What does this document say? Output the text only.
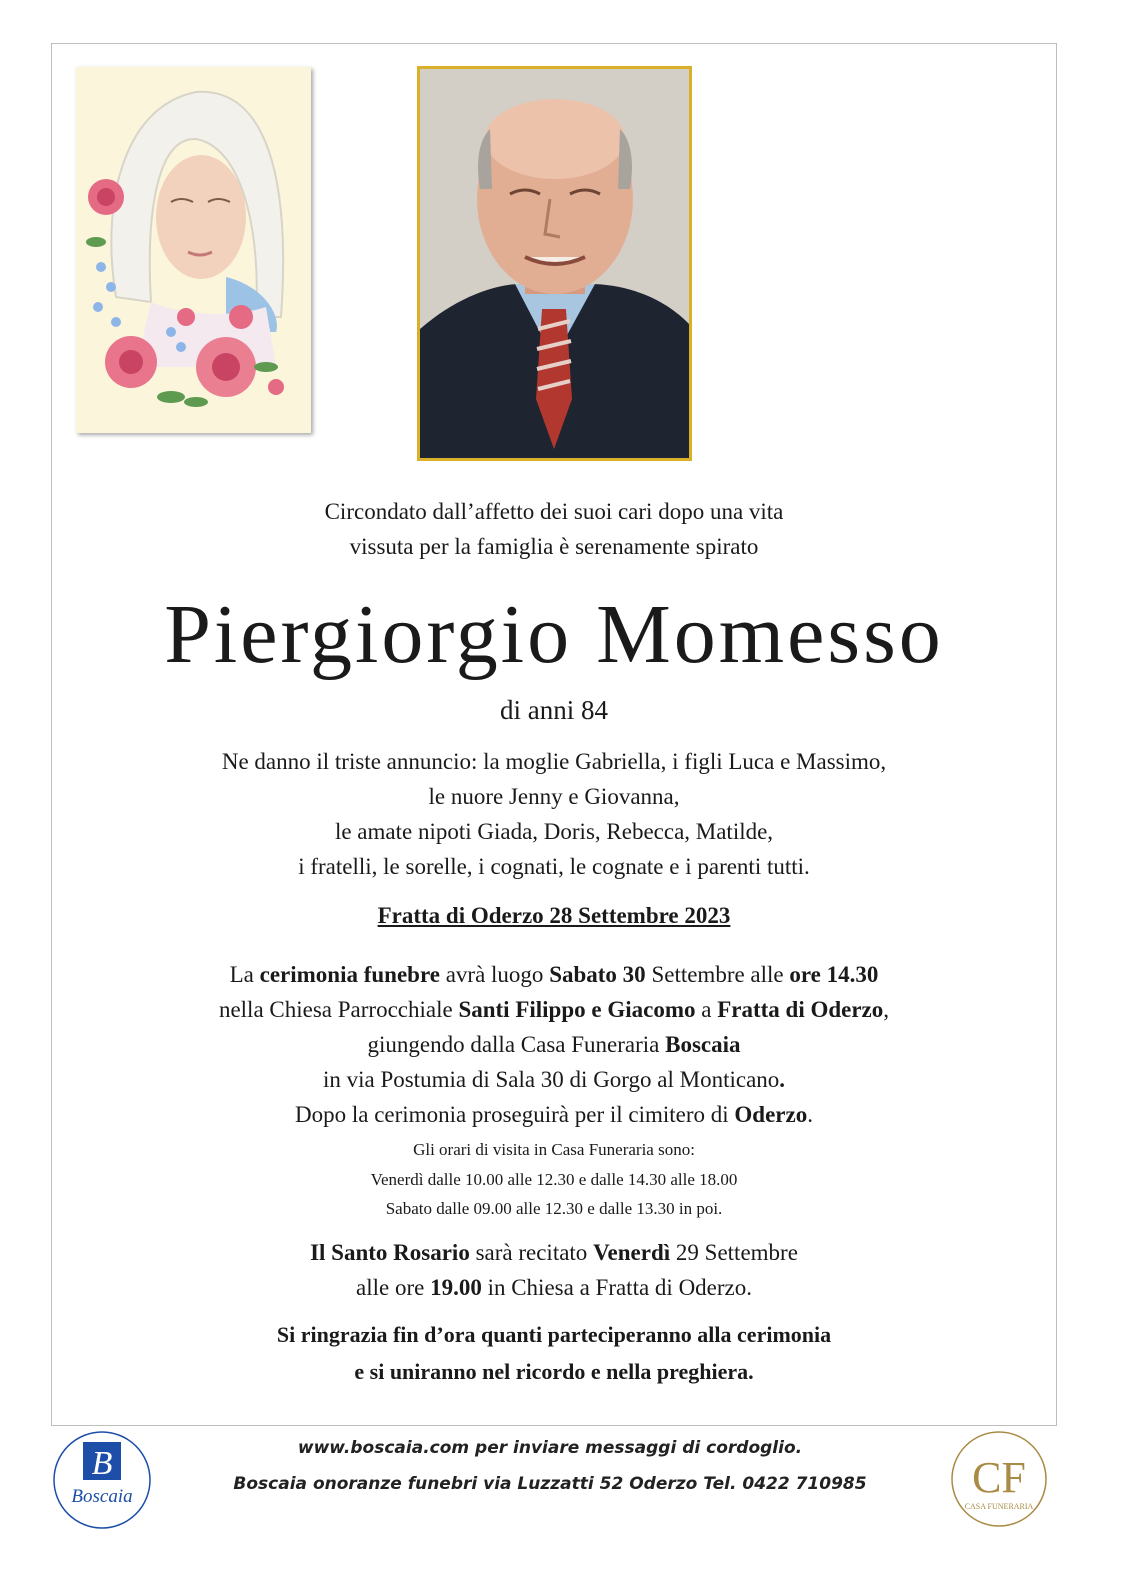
Circondato dall’affetto dei suoi cari dopo una vita
vissuta per la famiglia è serenamente spirato
Piergiorgio Momesso
di anni 84
Ne danno il triste annuncio: la moglie Gabriella, i figli Luca e Massimo,
le nuore Jenny e Giovanna,
le amate nipoti Giada, Doris, Rebecca, Matilde,
i fratelli, le sorelle, i cognati, le cognate e i parenti tutti.
Fratta di Oderzo 28 Settembre 2023
La cerimonia funebre avrà luogo Sabato 30 Settembre alle ore 14.30
nella Chiesa Parrocchiale Santi Filippo e Giacomo a Fratta di Oderzo,
giungendo dalla Casa Funeraria Boscaia
in via Postumia di Sala 30 di Gorgo al Monticano.
Dopo la cerimonia proseguirà per il cimitero di Oderzo.
Gli orari di visita in Casa Funeraria sono:
Venerdì dalle 10.00 alle 12.30 e dalle 14.30 alle 18.00
Sabato dalle 09.00 alle 12.30 e dalle 13.30 in poi.
Il Santo Rosario sarà recitato Venerdì 29 Settembre
alle ore 19.00 in Chiesa a Fratta di Oderzo.
Si ringrazia fin d’ora quanti parteciperanno alla cerimonia
e si uniranno nel ricordo e nella preghiera.
B
Boscaia	CF
CASA FUNERARIA
www.boscaia.com per inviare messaggi di cordoglio.
Boscaia onoranze funebri via Luzzatti 52 Oderzo Tel. 0422 710985
